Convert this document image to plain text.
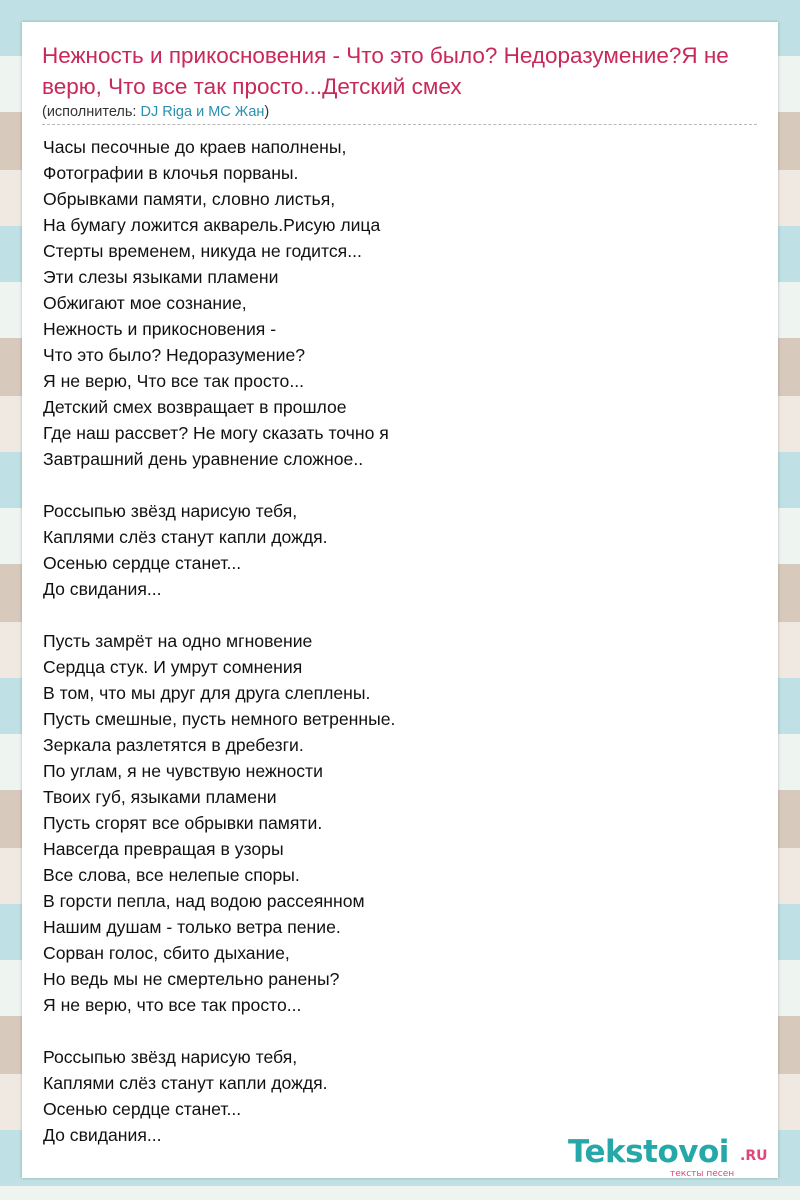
Нежность и прикосновения - Что это было? Недоразумение?Я не верю, Что все так просто...Детский смех
(исполнитель: DJ Riga и MC Жан)
Часы песочные до краев наполнены,
Фотографии в клочья порваны.
Обрывками памяти, словно листья,
На бумагу ложится акварель.Рисую лица
Стерты временем, никуда не годится...
Эти слезы языками пламени
Обжигают мое сознание,
Нежность и прикосновения -
Что это было? Недоразумение?
Я не верю, Что все так просто...
Детский смех возвращает в прошлое
Где наш рассвет? Не могу сказать точно я
Завтрашний день уравнение сложное..
Россыпью звёзд нарисую тебя,
Каплями слёз станут капли дождя.
Осенью сердце станет...
До свидания...
Пусть замрёт на одно мгновение
Сердца стук. И умрут сомнения
В том, что мы друг для друга слеплены.
Пусть смешные, пусть немного ветренные.
Зеркала разлетятся в дребезги.
По углам, я не чувствую нежности
Твоих губ, языками пламени
Пусть сгорят все обрывки памяти.
Навсегда превращая в узоры
Все слова, все нелепые споры.
В горсти пепла, над водою рассеянном
Нашим душам - только ветра пение.
Сорван голос, сбито дыхание,
Но ведь мы не смертельно ранены?
Я не верю, что все так просто...
Россыпью звёзд нарисую тебя,
Каплями слёз станут капли дождя.
Осенью сердце станет...
До свидания...	Tekstovoi .RU
тексты песен
